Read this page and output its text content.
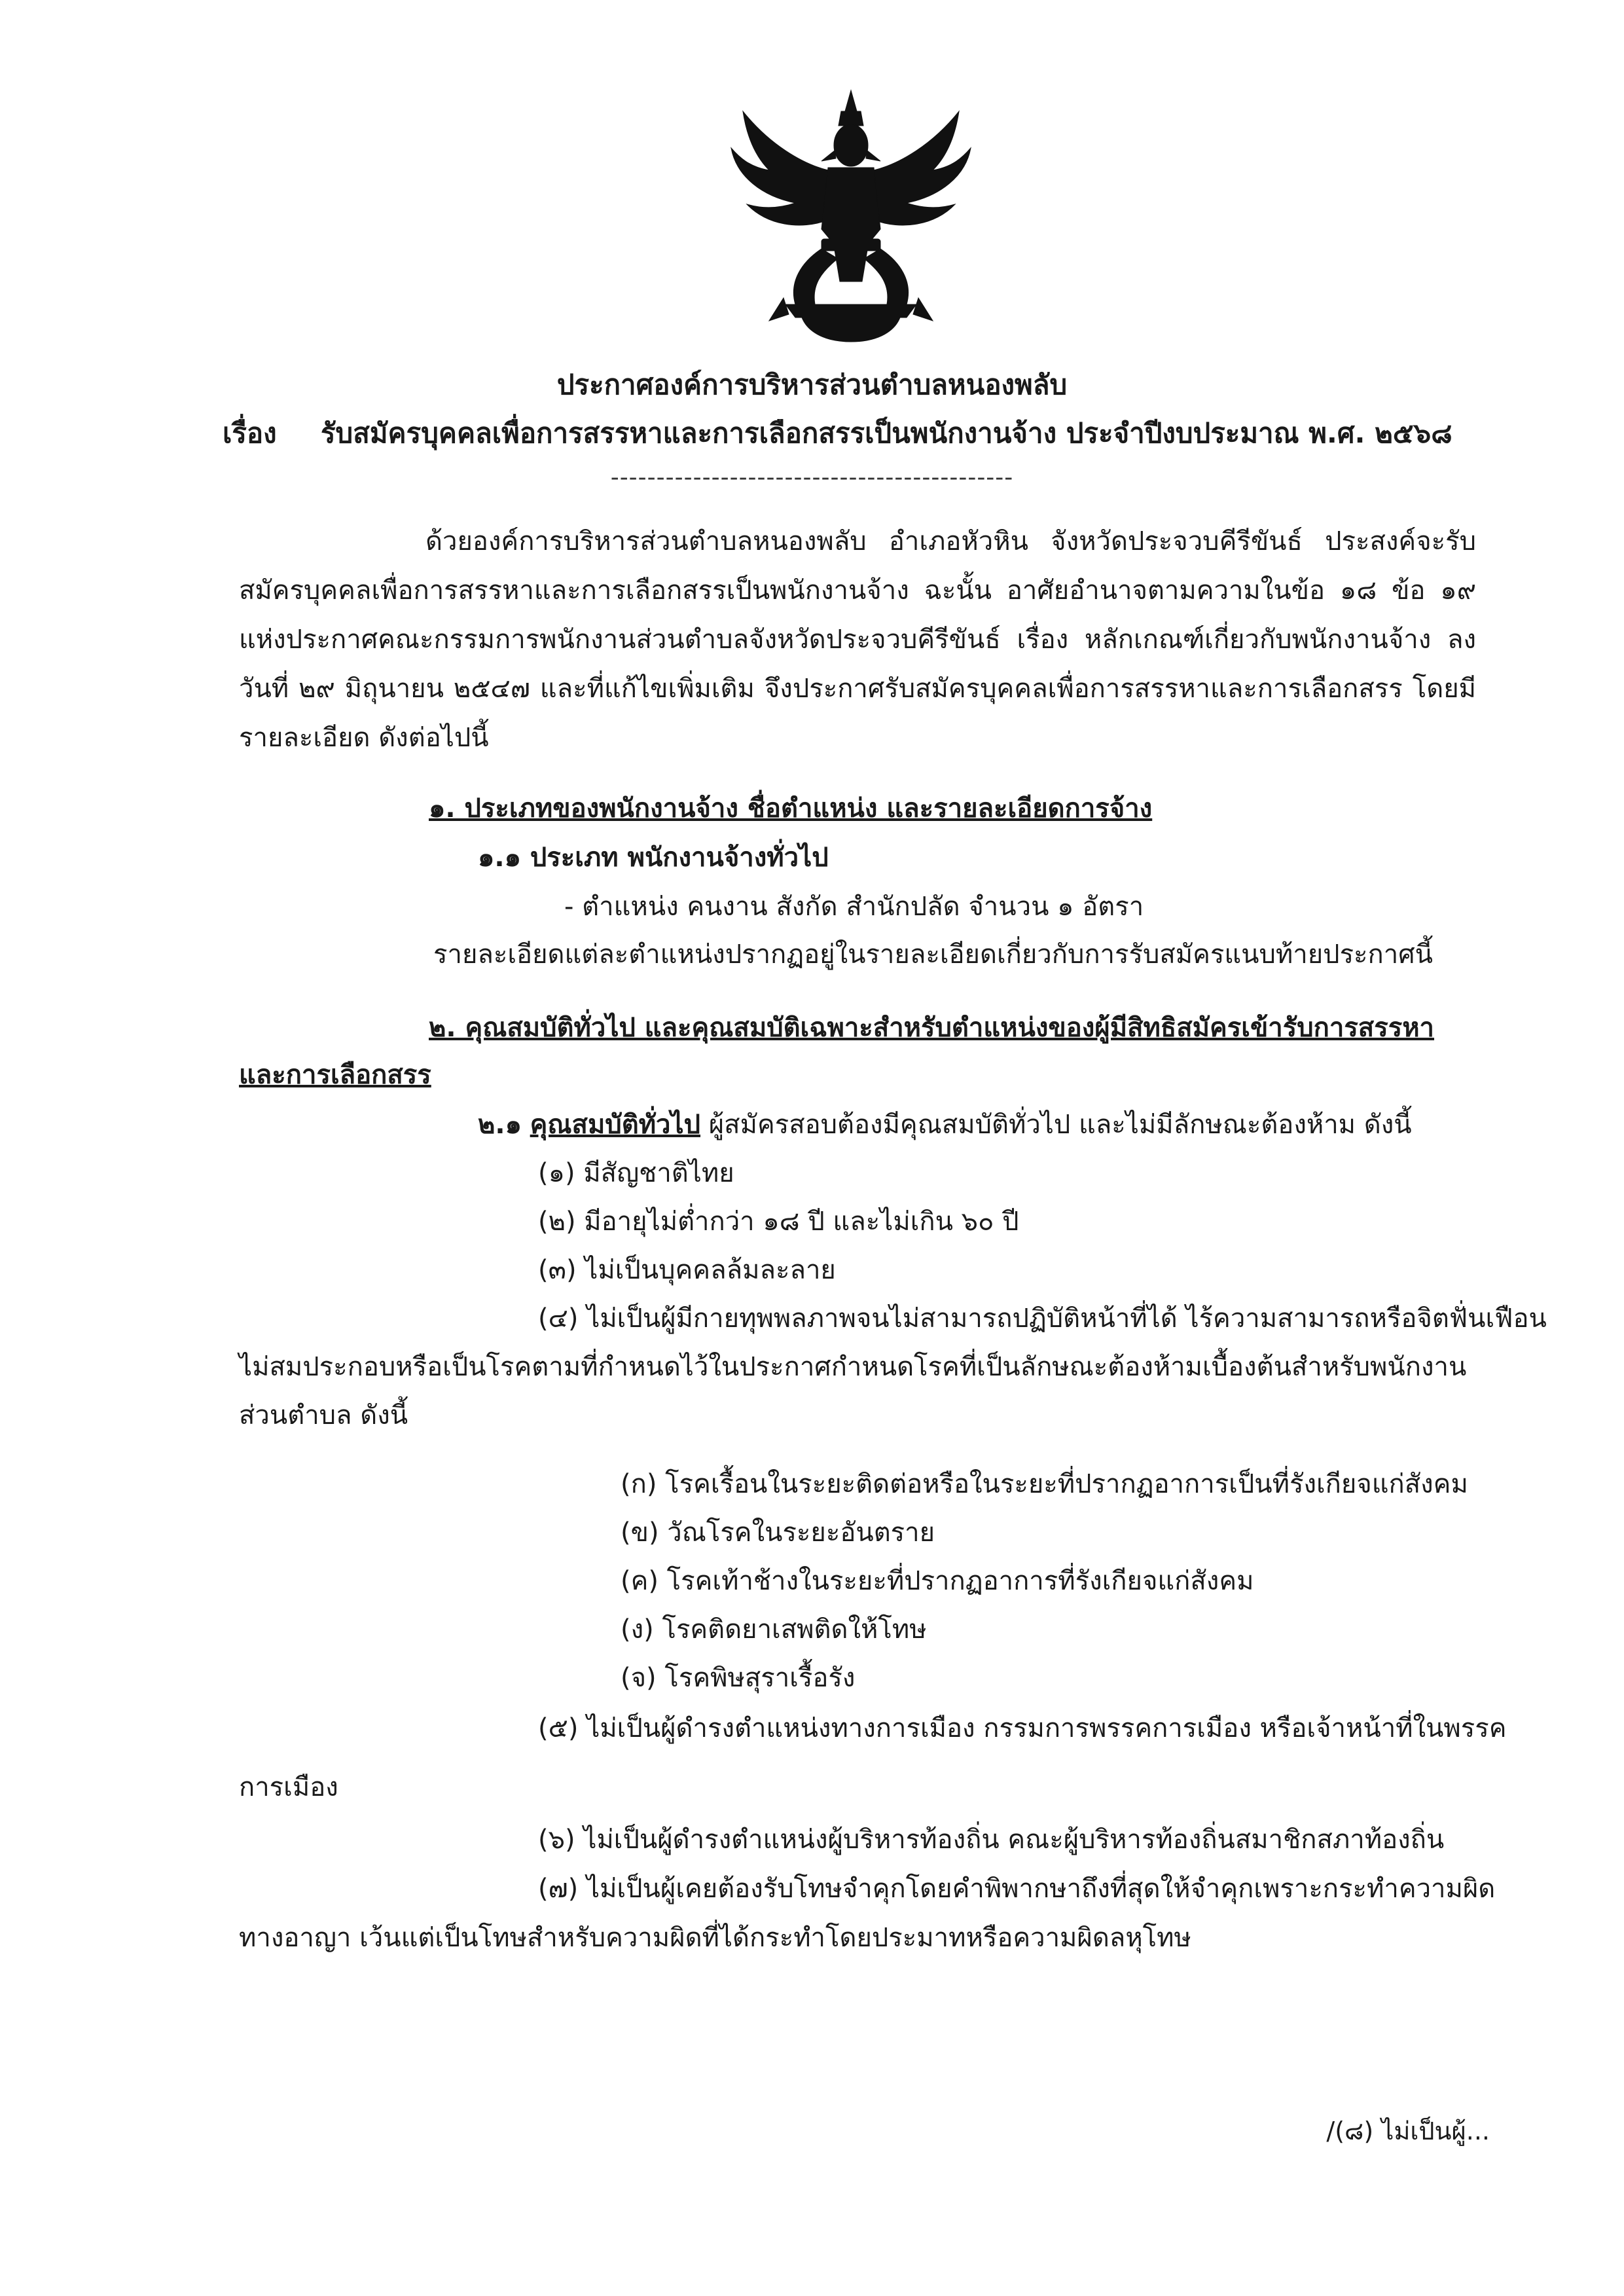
ประกาศองค์การบริหารส่วนตำบลหนองพลับ
เรื่อง รับสมัครบุคคลเพื่อการสรรหาและการเลือกสรรเป็นพนักงานจ้าง ประจำปีงบประมาณ พ.ศ. ๒๕๖๘
--------------------------------------------
ด้วยองค์การบริหารส่วนตำบลหนองพลับ อำเภอหัวหิน จังหวัดประจวบคีรีขันธ์ ประสงค์จะรับสมัครบุคคลเพื่อการสรรหาและการเลือกสรรเป็นพนักงานจ้าง ฉะนั้น อาศัยอำนาจตามความในข้อ ๑๘ ข้อ ๑๙ แห่งประกาศคณะกรรมการพนักงานส่วนตำบลจังหวัดประจวบคีรีขันธ์ เรื่อง หลักเกณฑ์เกี่ยวกับพนักงานจ้าง ลงวันที่ ๒๙ มิถุนายน ๒๕๔๗ และที่แก้ไขเพิ่มเติม จึงประกาศรับสมัครบุคคลเพื่อการสรรหาและการเลือกสรร โดยมีรายละเอียด ดังต่อไปนี้
๑. ประเภทของพนักงานจ้าง ชื่อตำแหน่ง และรายละเอียดการจ้าง
๑.๑ ประเภท พนักงานจ้างทั่วไป
- ตำแหน่ง คนงาน สังกัด สำนักปลัด จำนวน ๑ อัตรา
รายละเอียดแต่ละตำแหน่งปรากฏอยู่ในรายละเอียดเกี่ยวกับการรับสมัครแนบท้ายประกาศนี้
๒. คุณสมบัติทั่วไป และคุณสมบัติเฉพาะสำหรับตำแหน่งของผู้มีสิทธิสมัครเข้ารับการสรรหา
และการเลือกสรร
๒.๑ คุณสมบัติทั่วไป ผู้สมัครสอบต้องมีคุณสมบัติทั่วไป และไม่มีลักษณะต้องห้าม ดังนี้
(๑) มีสัญชาติไทย
(๒) มีอายุไม่ต่ำกว่า ๑๘ ปี และไม่เกิน ๖๐ ปี
(๓) ไม่เป็นบุคคลล้มละลาย
(๔) ไม่เป็นผู้มีกายทุพพลภาพจนไม่สามารถปฏิบัติหน้าที่ได้ ไร้ความสามารถหรือจิตฟั่นเฟือน
ไม่สมประกอบหรือเป็นโรคตามที่กำหนดไว้ในประกาศกำหนดโรคที่เป็นลักษณะต้องห้ามเบื้องต้นสำหรับพนักงาน
ส่วนตำบล ดังนี้
(ก) โรคเรื้อนในระยะติดต่อหรือในระยะที่ปรากฏอาการเป็นที่รังเกียจแก่สังคม
(ข) วัณโรคในระยะอันตราย
(ค) โรคเท้าช้างในระยะที่ปรากฏอาการที่รังเกียจแก่สังคม
(ง) โรคติดยาเสพติดให้โทษ
(จ) โรคพิษสุราเรื้อรัง
(๕) ไม่เป็นผู้ดำรงตำแหน่งทางการเมือง กรรมการพรรคการเมือง หรือเจ้าหน้าที่ในพรรค
การเมือง
(๖) ไม่เป็นผู้ดำรงตำแหน่งผู้บริหารท้องถิ่น คณะผู้บริหารท้องถิ่นสมาชิกสภาท้องถิ่น
(๗) ไม่เป็นผู้เคยต้องรับโทษจำคุกโดยคำพิพากษาถึงที่สุดให้จำคุกเพราะกระทำความผิด
ทางอาญา เว้นแต่เป็นโทษสำหรับความผิดที่ได้กระทำโดยประมาทหรือความผิดลหุโทษ
/(๘) ไม่เป็นผู้...
